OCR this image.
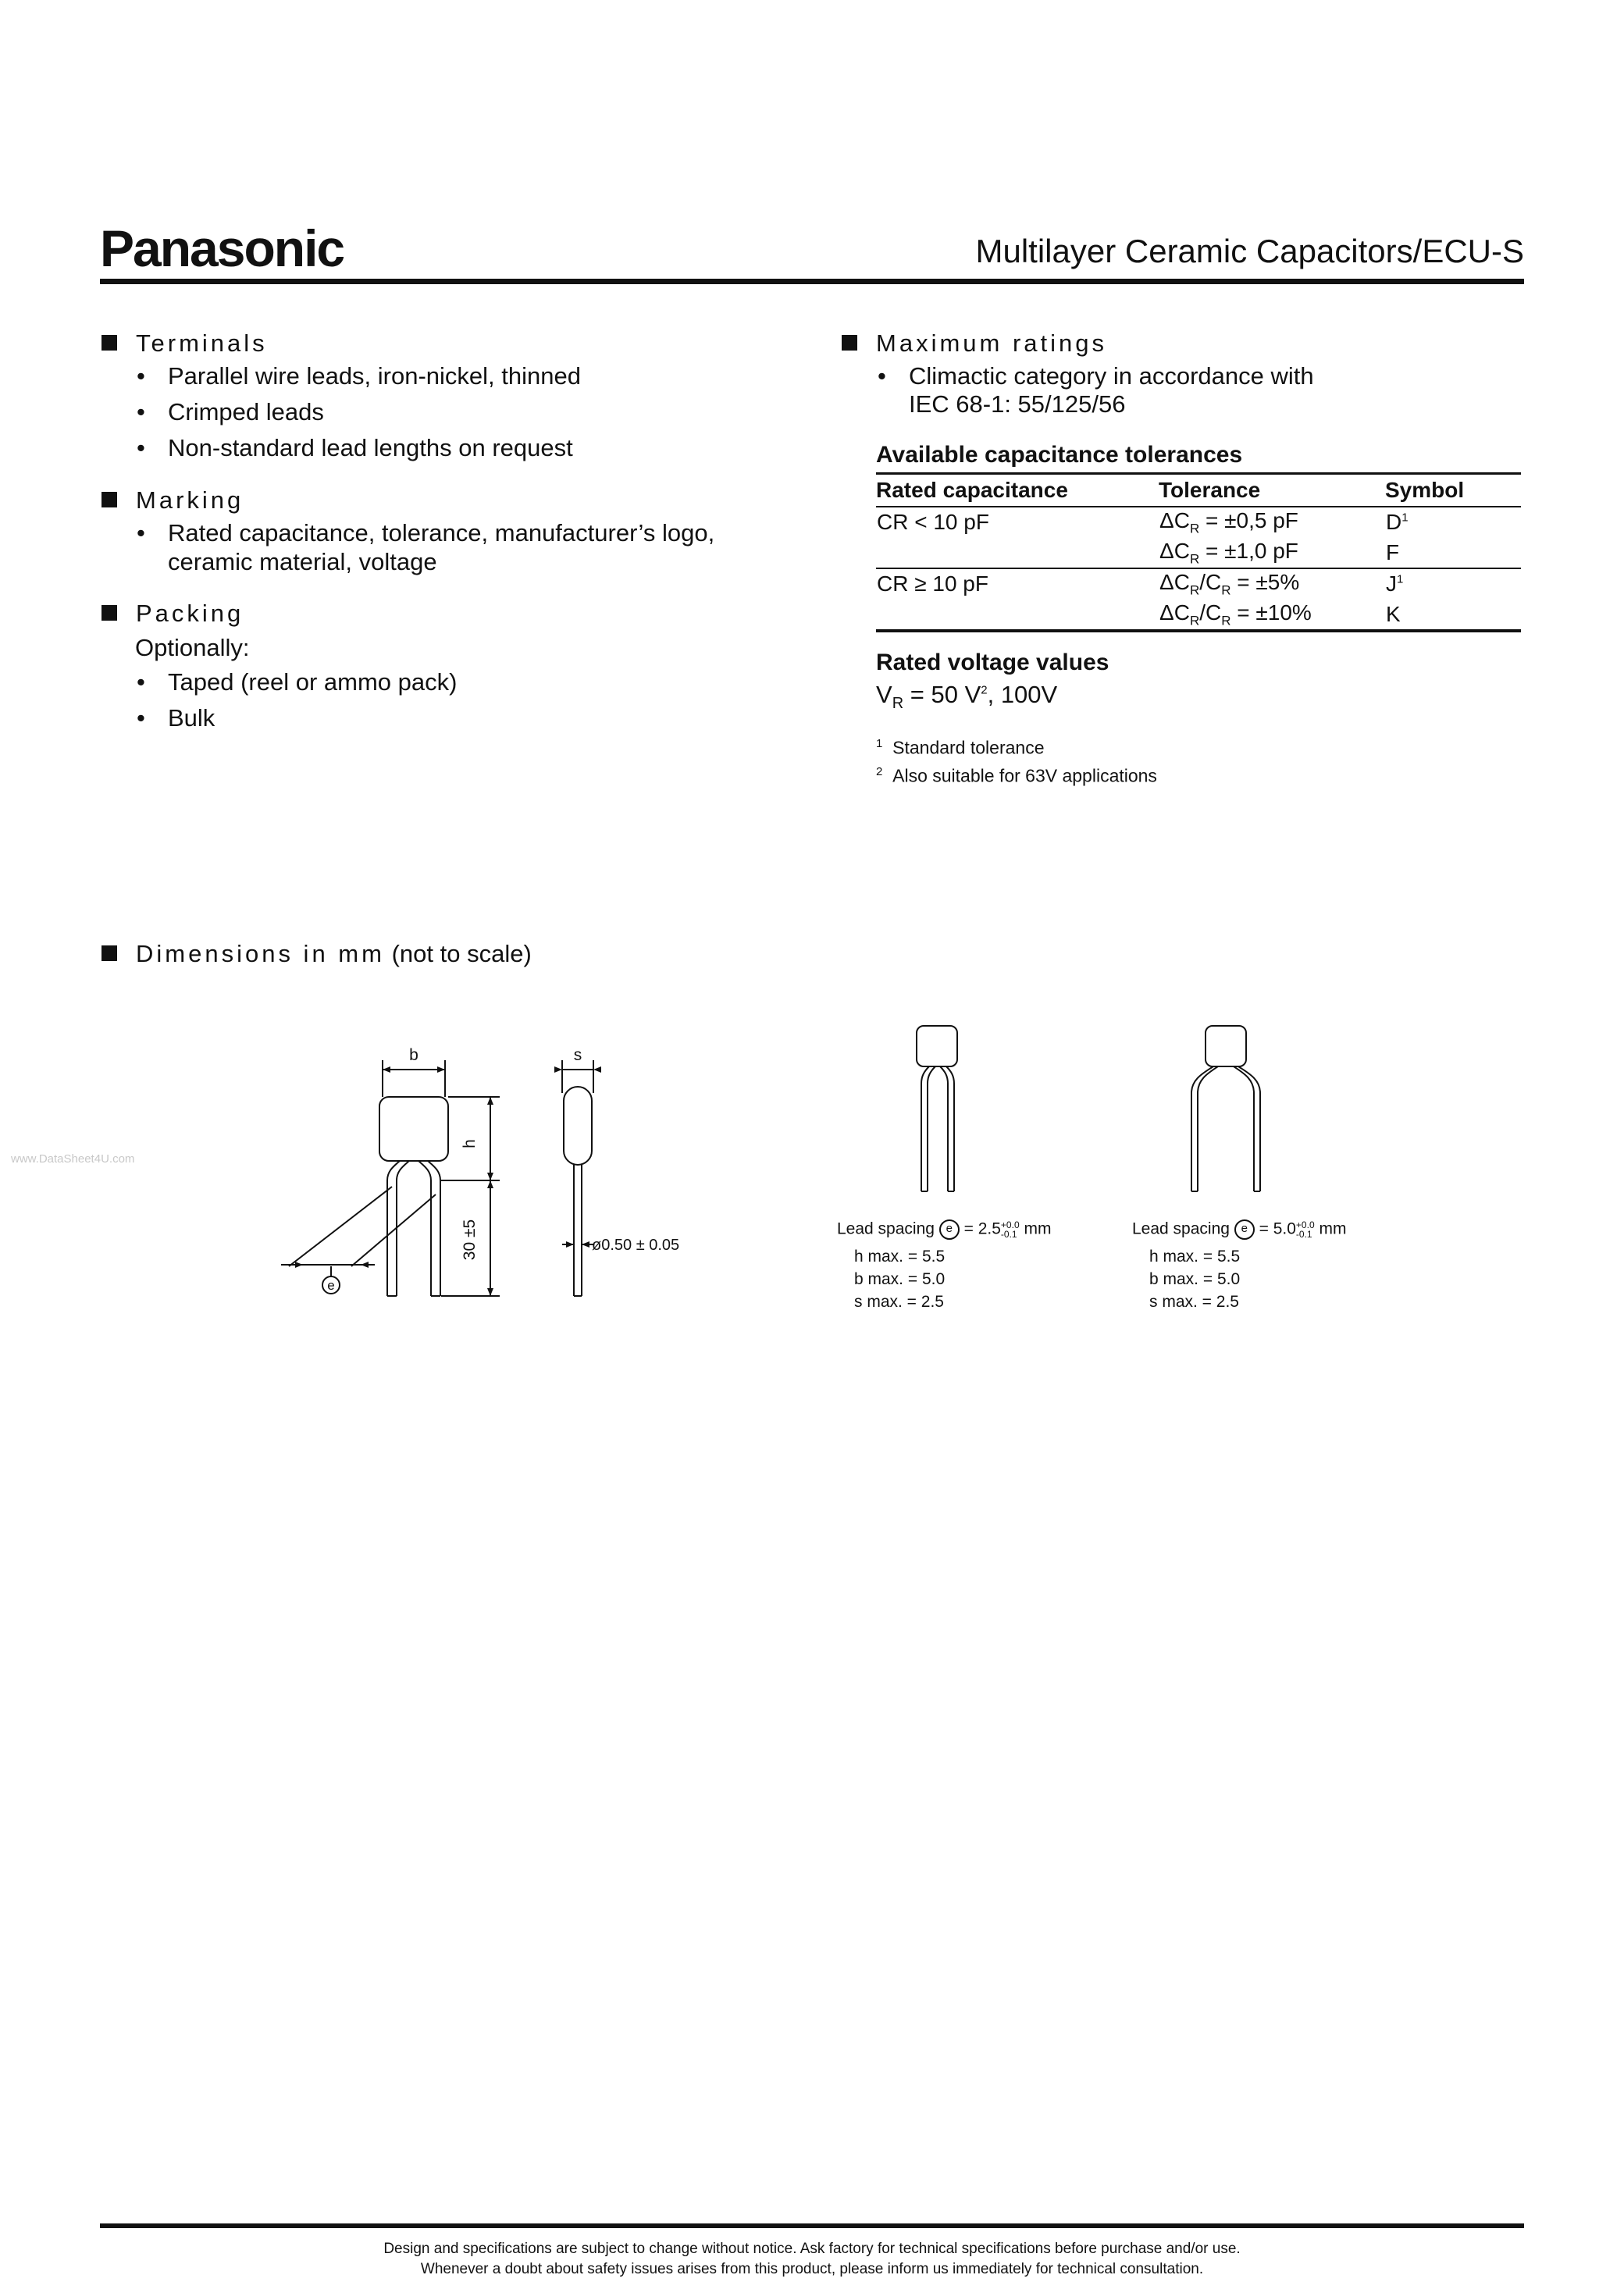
Panasonic	Multilayer Ceramic Capacitors/ECU-S
www.DataSheet4U.com
Terminals
• Parallel wire leads, iron-nickel, thinned
• Crimped leads
• Non-standard lead lengths on request
Marking
• Rated capacitance, tolerance, manufacturer’s logo,
ceramic material, voltage
Packing
Optionally:
• Taped (reel or ammo pack)
• Bulk
Maximum ratings
• Climactic category in accordance with
IEC 68-1: 55/125/56
Available capacitance tolerances
Rated capacitance	Tolerance	Symbol
CR < 10 pF	$\Delta C_R = \pm 0,5$ pF	$D^1$
	$\Delta C_R = \pm 1,0$ pF	F
CR ≥ 10 pF	$\Delta C_R/C_R = \pm 5\%$	$J^1$
	$\Delta C_R/C_R = \pm 10\%$	K
Rated voltage values
$V_R = 50$ $V^2$, 100V
$^1$ Standard tolerance
$^2$ Also suitable for 63V applications
Dimensions in mm (not to scale)
b	s
h
30 ±5	ø0.50 ± 0.05
e
Lead spacing e = 2.5 +0.0
-0.1 mm
h max. = 5.5
b max. = 5.0
s max. = 2.5
Lead spacing e = 5.0 +0.0
-0.1 mm
h max. = 5.5
b max. = 5.0
s max. = 2.5
Design and specifications are subject to change without notice. Ask factory for technical specifications before purchase and/or use.
Whenever a doubt about safety issues arises from this product, please inform us immediately for technical consultation.
